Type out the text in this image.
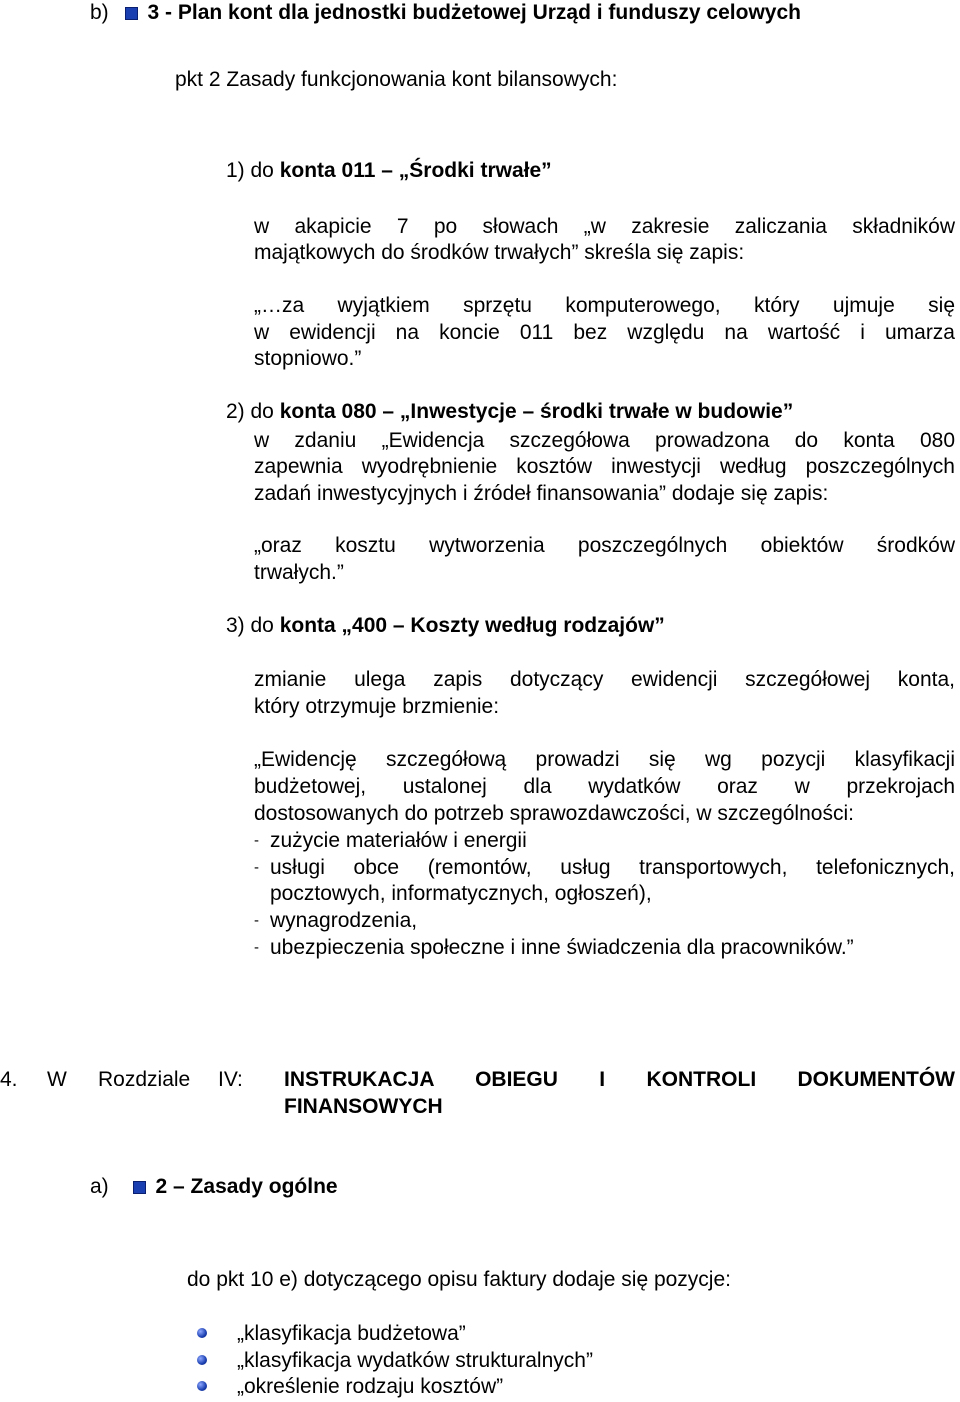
b) 3 - Plan kont dla jednostki budżetowej Urząd i funduszy celowych
pkt 2 Zasady funkcjonowania kont bilansowych:
1) do konta 011 – „Środki trwałe”
w akapicie 7 po słowach „w zakresie zaliczania składników
majątkowych do środków trwałych” skreśla się zapis:
„…za wyjątkiem sprzętu komputerowego, który ujmuje się
w ewidencji na koncie 011 bez względu na wartość i umarza
stopniowo.”
2) do konta 080 – „Inwestycje – środki trwałe w budowie”
w zdaniu „Ewidencja szczegółowa prowadzona do konta 080
zapewnia wyodrębnienie kosztów inwestycji według poszczególnych
zadań inwestycyjnych i źródeł finansowania” dodaje się zapis:
„oraz kosztu wytworzenia poszczególnych obiektów środków
trwałych.”
3) do konta „400 – Koszty według rodzajów”
zmianie ulega zapis dotyczący ewidencji szczegółowej konta,
który otrzymuje brzmienie:
„Ewidencję szczegółową prowadzi się wg pozycji klasyfikacji
budżetowej, ustalonej dla wydatków oraz w przekrojach
dostosowanych do potrzeb sprawozdawczości, w szczególności:
- zużycie materiałów i energii
- usługi obce (remontów, usług transportowych, telefonicznych,
pocztowych, informatycznych, ogłoszeń),
- wynagrodzenia,
- ubezpieczenia społeczne i inne świadczenia dla pracowników.”
4. W Rozdziale IV: INSTRUKACJA OBIEGU I KONTROLI DOKUMENTÓW
FINANSOWYCH
a) 2 – Zasady ogólne
do pkt 10 e) dotyczącego opisu faktury dodaje się pozycje:
„klasyfikacja budżetowa”
„klasyfikacja wydatków strukturalnych”
„określenie rodzaju kosztów”
